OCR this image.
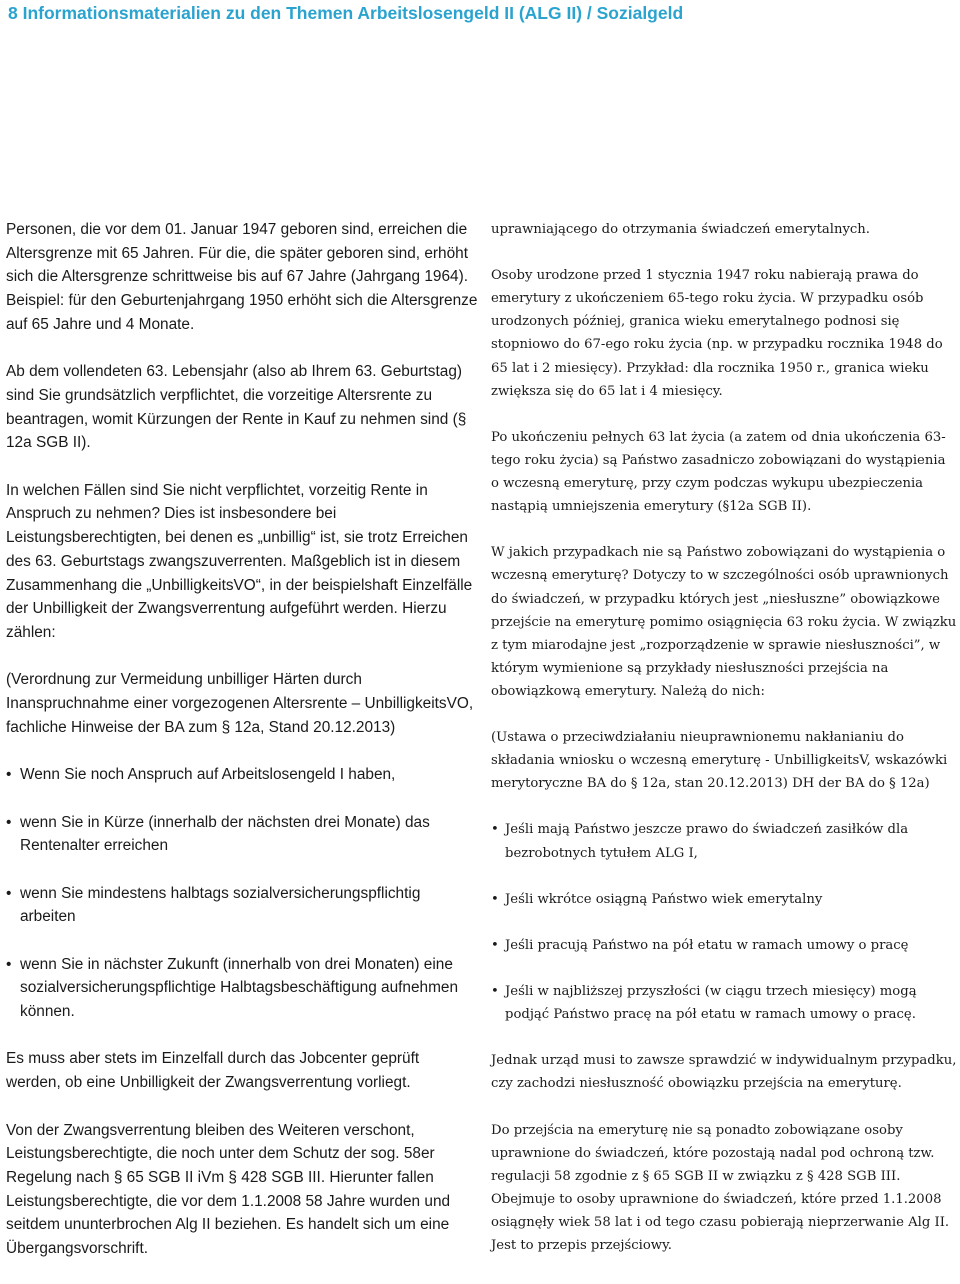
8 Informationsmaterialien zu den Themen Arbeitslosengeld II (ALG II) / Sozialgeld

Personen, die vor dem 01. Januar 1947 geboren sind, erreichen die Altersgrenze mit 65 Jahren. Für die, die später geboren sind, erhöht sich die Altersgrenze schrittweise bis auf 67 Jahre (Jahrgang 1964). Beispiel: für den Geburtenjahrgang 1950 erhöht sich die Altersgrenze auf 65 Jahre und 4 Monate.

Ab dem vollendeten 63. Lebensjahr (also ab Ihrem 63. Geburtstag) sind Sie grundsätzlich verpflichtet, die vorzeitige Altersrente zu beantragen, womit Kürzungen der Rente in Kauf zu nehmen sind (§ 12a SGB II).

In welchen Fällen sind Sie nicht verpflichtet, vorzeitig Rente in Anspruch zu nehmen? Dies ist insbesondere bei Leistungsberechtigten, bei denen es „unbillig“ ist, sie trotz Erreichen des 63. Geburtstags zwangszuverrenten. Maßgeblich ist in diesem Zusammenhang die „UnbilligkeitsVO“, in der beispielshaft Einzelfälle der Unbilligkeit der Zwangsverrentung aufgeführt werden. Hierzu zählen:

(Verordnung zur Vermeidung unbilliger Härten durch Inanspruchnahme einer vorgezogenen Altersrente – UnbilligkeitsVO, fachliche Hinweise der BA zum § 12a, Stand 20.12.2013)

• Wenn Sie noch Anspruch auf Arbeitslosengeld I haben,
• wenn Sie in Kürze (innerhalb der nächsten drei Monate) das Rentenalter erreichen
• wenn Sie mindestens halbtags sozialversicherungspflichtig arbeiten
• wenn Sie in nächster Zukunft (innerhalb von drei Monaten) eine sozialversicherungspflichtige Halbtagsbeschäftigung aufnehmen können.

Es muss aber stets im Einzelfall durch das Jobcenter geprüft werden, ob eine Unbilligkeit der Zwangsverrentung vorliegt.

Von der Zwangsverrentung bleiben des Weiteren verschont, Leistungsberechtigte, die noch unter dem Schutz der sog. 58er Regelung nach § 65 SGB II iVm § 428 SGB III. Hierunter fallen Leistungsberechtigte, die vor dem 1.1.2008 58 Jahre wurden und seitdem ununterbrochen Alg II beziehen. Es handelt sich um eine Übergangsvorschrift.

uprawniającego do otrzymania świadczeń emerytalnych.

Osoby urodzone przed 1 stycznia 1947 roku nabierają prawa do emerytury z ukończeniem 65-tego roku życia. W przypadku osób urodzonych później, granica wieku emerytalnego podnosi się stopniowo do 67-ego roku życia (np. w przypadku rocznika 1948 do 65 lat i 2 miesięcy). Przykład: dla rocznika 1950 r., granica wieku zwiększa się do 65 lat i 4 miesięcy.

Po ukończeniu pełnych 63 lat życia (a zatem od dnia ukończenia 63-tego roku życia) są Państwo zasadniczo zobowiązani do wystąpienia o wczesną emeryturę, przy czym podczas wykupu ubezpieczenia nastąpią umniejszenia emerytury (§12a SGB II).

W jakich przypadkach nie są Państwo zobowiązani do wystąpienia o wczesną emeryturę? Dotyczy to w szczególności osób uprawnionych do świadczeń, w przypadku których jest „niesłuszne” obowiązkowe przejście na emeryturę pomimo osiągnięcia 63 roku życia. W związku z tym miarodajne jest „rozporządzenie w sprawie niesłuszności”, w którym wymienione są przykłady niesłuszności przejścia na obowiązkową emerytury. Należą do nich:

(Ustawa o przeciwdziałaniu nieuprawnionemu nakłanianiu do składania wniosku o wczesną emeryturę - UnbilligkeitsV, wskazówki merytoryczne BA do § 12a, stan 20.12.2013) DH der BA do § 12a)

• Jeśli mają Państwo jeszcze prawo do świadczeń zasiłków dla bezrobotnych tytułem ALG I,
• Jeśli wkrótce osiągną Państwo wiek emerytalny
• Jeśli pracują Państwo na pół etatu w ramach umowy o pracę
• Jeśli w najbliższej przyszłości (w ciągu trzech miesięcy) mogą podjąć Państwo pracę na pół etatu w ramach umowy o pracę.

Jednak urząd musi to zawsze sprawdzić w indywidualnym przypadku, czy zachodzi niesłuszność obowiązku przejścia na emeryturę.

Do przejścia na emeryturę nie są ponadto zobowiązane osoby uprawnione do świadczeń, które pozostają nadal pod ochroną tzw. regulacji 58 zgodnie z § 65 SGB II w związku z § 428 SGB III. Obejmuje to osoby uprawnione do świadczeń, które przed 1.1.2008 osiągnęły wiek 58 lat i od tego czasu pobierają nieprzerwanie Alg II. Jest to przepis przejściowy.
